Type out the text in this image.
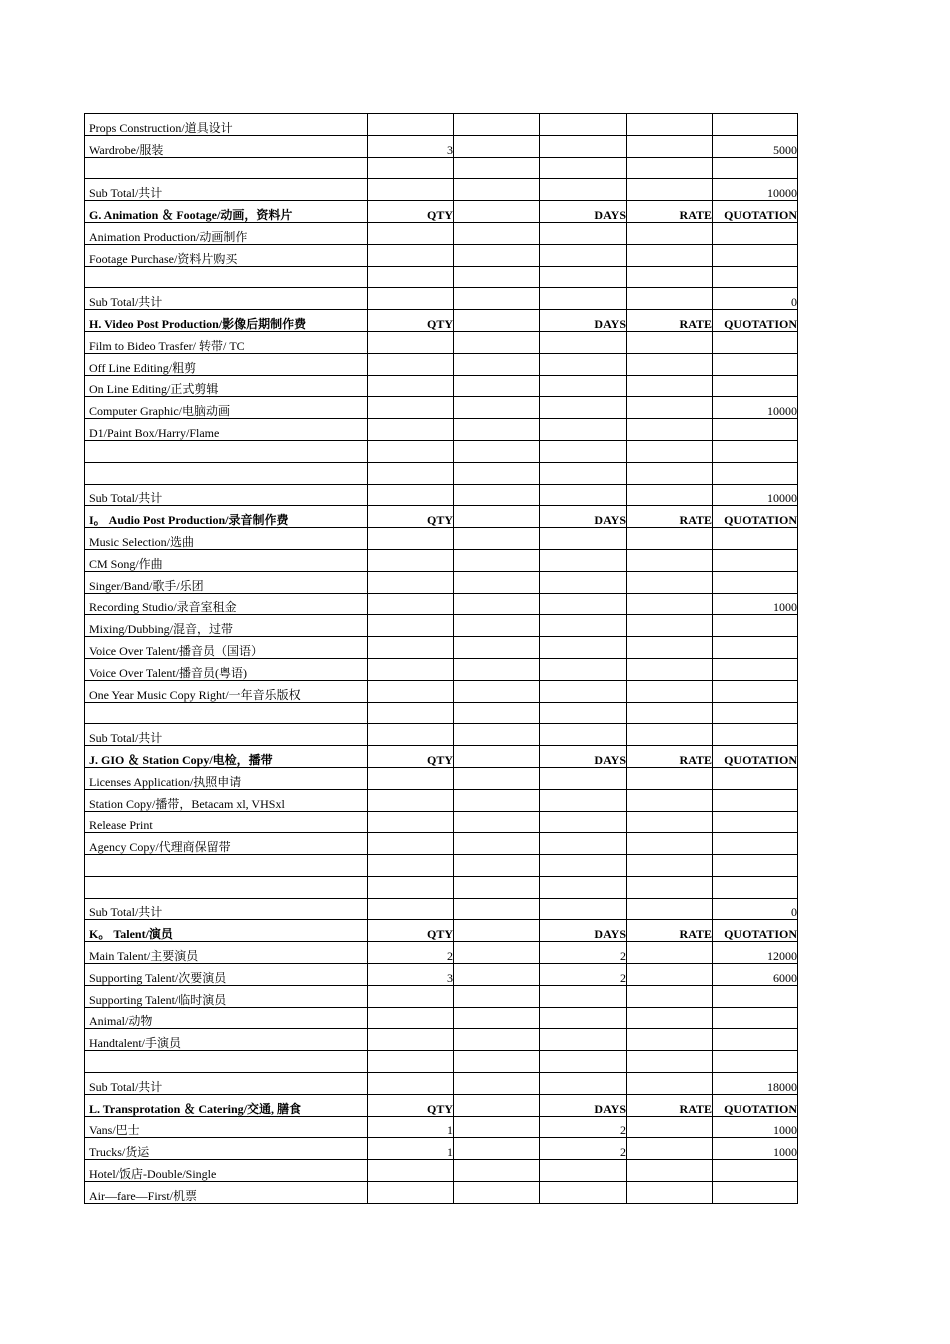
Props Construction/道具设计					
Wardrobe/服装	3				5000

Sub Total/共计					10000
G. Animation ＆ Footage/动画，资料片	QTY		DAYS	RATE	QUOTATION
Animation Production/动画制作					
Footage Purchase/资料片购买					

Sub Total/共计					0
H. Video Post Production/影像后期制作费	QTY		DAYS	RATE	QUOTATION
Film to Bideo Trasfer/ 转带/ TC					
Off Line Editing/粗剪					
On Line Editing/正式剪辑					
Computer Graphic/电脑动画					10000
D1/Paint Box/Harry/Flame					

Sub Total/共计					10000
I。 Audio Post Production/录音制作费	QTY		DAYS	RATE	QUOTATION
Music Selection/选曲					
CM Song/作曲					
Singer/Band/歌手/乐团					
Recording Studio/录音室租金					1000
Mixing/Dubbing/混音，过带					
Voice Over Talent/播音员（国语）					
Voice Over Talent/播音员(粤语)					
One Year Music Copy Right/一年音乐版权					

Sub Total/共计					
J. GIO ＆ Station Copy/电检，播带	QTY		DAYS	RATE	QUOTATION
Licenses Application/执照申请					
Station Copy/播带，Betacam xl, VHSxl					
Release Print					
Agency Copy/代理商保留带					

Sub Total/共计					0
K。 Talent/演员	QTY		DAYS	RATE	QUOTATION
Main Talent/主要演员	2		2		12000
Supporting Talent/次要演员	3		2		6000
Supporting Talent/临时演员					
Animal/动物					
Handtalent/手演员					

Sub Total/共计					18000
L. Transprotation ＆ Catering/交通, 膳食	QTY		DAYS	RATE	QUOTATION
Vans/巴士	1		2		1000
Trucks/货运	1		2		1000
Hotel/饭店-Double/Single					
Air—fare—First/机票					
